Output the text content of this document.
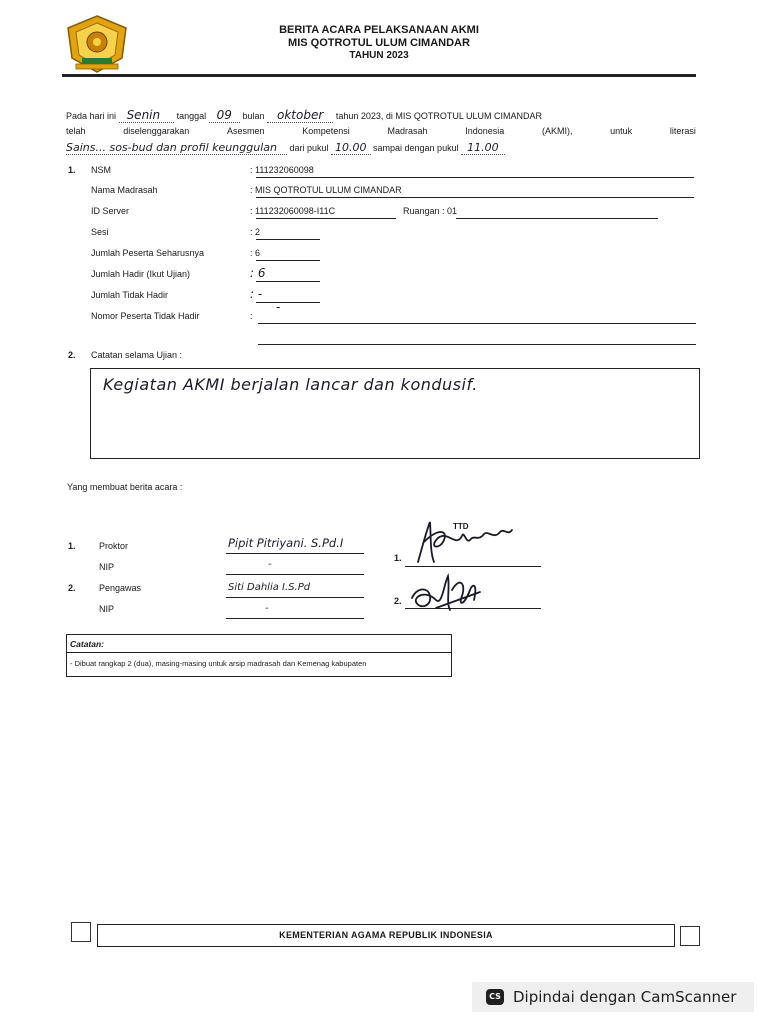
BERITA ACARA PELAKSANAAN AKMI
MIS QOTROTUL ULUM CIMANDAR
TAHUN 2023
Pada hari ini Senin tanggal 09 bulan oktober tahun 2023, di MIS QOTROTUL ULUM CIMANDAR
telah	diselenggarakan	Asesmen	Kompetensi	Madrasah	Indonesia	(AKMI),	untuk	literasi
Sains... sos-bud dan profil keunggulan dari pukul 10.00 sampai dengan pukul 11.00
1. NSM	: 111232060098
Nama Madrasah	: MIS QOTROTUL ULUM CIMANDAR
ID Server	: 111232060098-I11C	Ruangan : 01
Sesi	: 2
Jumlah Peserta Seharusnya	: 6
Jumlah Hadir (Ikut Ujian)	: 6
Jumlah Tidak Hadir	: -
Nomor Peserta Tidak Hadir	:
-
2. Catatan selama Ujian :
Kegiatan AKMI berjalan lancar dan kondusif.
Yang membuat berita acara :
1.	Proktor	Pipit Pitriyani. S.Pd.I
NIP	-
2.	Pengawas	Siti Dahlia I.S.Pd
NIP	-
TTD
1.
2.
Catatan:
- Dibuat rangkap 2 (dua), masing-masing untuk arsip madrasah dan Kemenag kabupaten
KEMENTERIAN AGAMA REPUBLIK INDONESIA
CS Dipindai dengan CamScanner
